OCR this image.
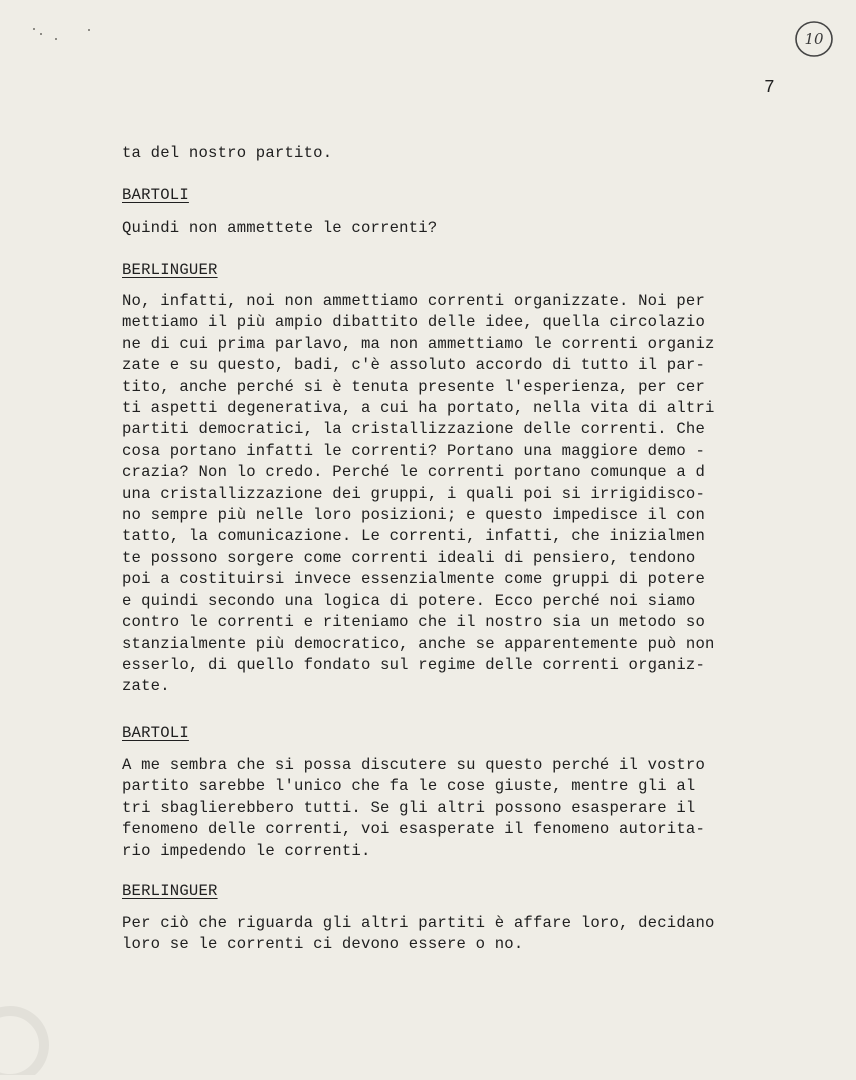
10
7
ta del nostro partito.
BARTOLI
Quindi non ammettete le correnti?
BERLINGUER
No, infatti, noi non ammettiamo correnti organizzate. Noi per
mettiamo il più ampio dibattito delle idee, quella circolazio
ne di cui prima parlavo, ma non ammettiamo le correnti organiz
zate e su questo, badi, c'è assoluto accordo di tutto il par-
tito, anche perché si è tenuta presente l'esperienza, per cer
ti aspetti degenerativa, a cui ha portato, nella vita di altri
partiti democratici, la cristallizzazione delle correnti. Che
cosa portano infatti le correnti? Portano una maggiore demo -
crazia? Non lo credo. Perché le correnti portano comunque a d
una cristallizzazione dei gruppi, i quali poi si irrigidisco-
no sempre più nelle loro posizioni; e questo impedisce il con
tatto, la comunicazione. Le correnti, infatti, che inizialmen
te possono sorgere come correnti ideali di pensiero, tendono
poi a costituirsi invece essenzialmente come gruppi di potere
e quindi secondo una logica di potere. Ecco perché noi siamo
contro le correnti e riteniamo che il nostro sia un metodo so
stanzialmente più democratico, anche se apparentemente può non
esserlo, di quello fondato sul regime delle correnti organiz-
zate.
BARTOLI
A me sembra che si possa discutere su questo perché il vostro
partito sarebbe l'unico che fa le cose giuste, mentre gli al
tri sbaglierebbero tutti. Se gli altri possono esasperare il
fenomeno delle correnti, voi esasperate il fenomeno autorita-
rio impedendo le correnti.
BERLINGUER
Per ciò che riguarda gli altri partiti è affare loro, decidano
loro se le correnti ci devono essere o no.
